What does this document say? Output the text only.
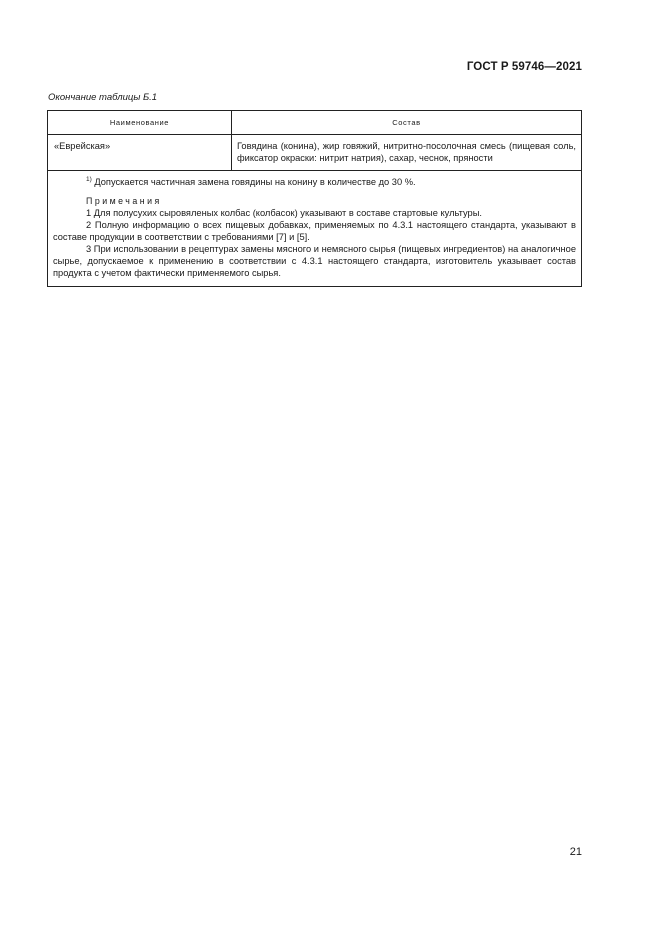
ГОСТ Р 59746—2021
Окончание таблицы Б.1
Наименование	Состав
«Еврейская»	Говядина (конина), жир говяжий, нитритно-посолочная смесь (пищевая соль, фиксатор окраски: нитрит натрия), сахар, чеснок, пряности

$^{1)}$ Допускается частичная замена говядины на конину в количестве до 30 %.
Примечания
1 Для полусухих сыровяленых колбас (колбасок) указывают в составе стартовые культуры.
2 Полную информацию о всех пищевых добавках, применяемых по 4.3.1 настоящего стандарта, указывают в составе продукции в соответствии с требованиями [7] и [5].
3 При использовании в рецептурах замены мясного и немясного сырья (пищевых ингредиентов) на аналогичное сырье, допускаемое к применению в соответствии с 4.3.1 настоящего стандарта, изготовитель указывает состав продукта с учетом фактически применяемого сырья.	
21
